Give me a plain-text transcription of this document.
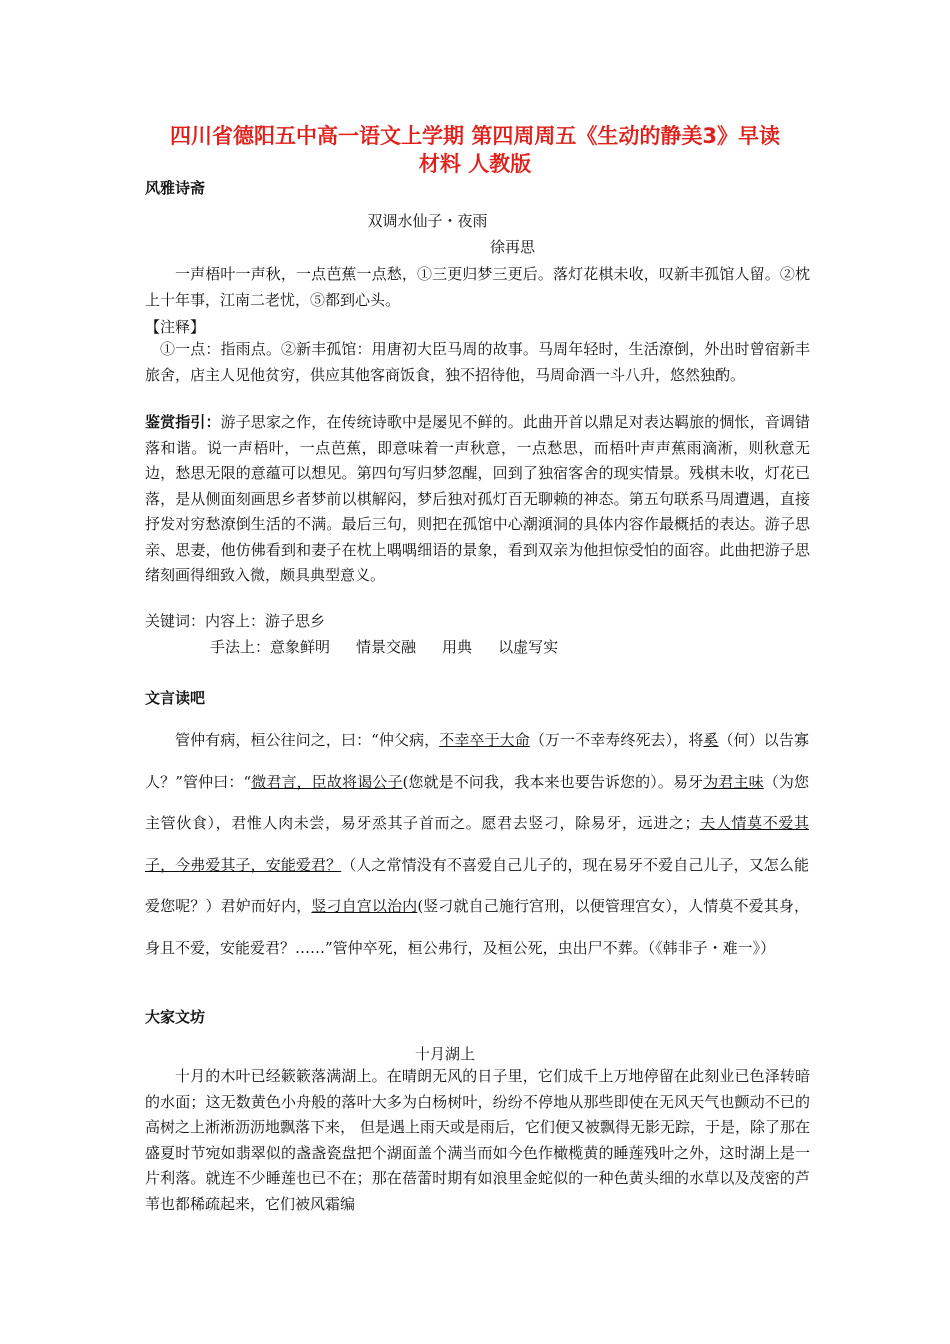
四川省德阳五中高一语文上学期 第四周周五《生动的静美3》早读
材料 人教版
风雅诗斋
双调水仙子・夜雨
徐再思
一声梧叶一声秋，一点芭蕉一点愁，①三更归梦三更后。落灯花棋未收，叹新丰孤馆人留。②枕上十年事，江南二老忧，⑤都到心头。
【注释】
①一点：指雨点。②新丰孤馆：用唐初大臣马周的故事。马周年轻时，生活潦倒，外出时曾宿新丰旅舍，店主人见他贫穷，供应其他客商饭食，独不招待他，马周命酒一斗八升，悠然独酌。
鉴赏指引：游子思家之作，在传统诗歌中是屡见不鲜的。此曲开首以鼎足对表达羁旅的惆怅，音调错落和谐。说一声梧叶，一点芭蕉，即意味着一声秋意，一点愁思，而梧叶声声蕉雨滴淅，则秋意无边，愁思无限的意蕴可以想见。第四句写归梦忽醒，回到了独宿客舍的现实情景。残棋未收，灯花已落，是从侧面刻画思乡者梦前以棋解闷，梦后独对孤灯百无聊赖的神态。第五句联系马周遭遇，直接抒发对穷愁潦倒生活的不满。最后三句，则把在孤馆中心潮澒洞的具体内容作最概括的表达。游子思亲、思妻，他仿佛看到和妻子在枕上喁喁细语的景象，看到双亲为他担惊受怕的面容。此曲把游子思绪刻画得细致入微，颇具典型意义。
关键词：内容上：游子思乡
手法上：意象鲜明 情景交融 用典 以虚写实
文言读吧
管仲有病，桓公往问之，曰：“仲父病，不幸卒于大命（万一不幸寿终死去），将奚（何）以告寡人？”管仲曰：“微君言，臣故将谒公子(您就是不问我，我本来也要告诉您的）。易牙为君主味（为您主管伙食），君惟人肉未尝，易牙烝其子首而之。愿君去竖刁，除易牙，远进之；夫人情莫不爱其子，今弗爱其子，安能爱君？（人之常情没有不喜爱自己儿子的，现在易牙不爱自己儿子，又怎么能爱您呢？）君妒而好内，竖刁自宫以治内(竖刁就自己施行宫刑，以便管理宫女），人情莫不爱其身，身且不爱，安能爱君？……”管仲卒死，桓公弗行，及桓公死，虫出尸不葬。（《韩非子・难一》）
大家文坊
十月湖上
十月的木叶已经簌簌落满湖上。在晴朗无风的日子里，它们成千上万地停留在此刻业已色泽转暗的水面；这无数黄色小舟般的落叶大多为白杨树叶，纷纷不停地从那些即使在无风天气也颤动不已的高树之上淅淅沥沥地飘落下来， 但是遇上雨天或是雨后，它们便又被飘得无影无踪，于是，除了那在盛夏时节宛如翡翠似的盏盏瓷盘把个湖面盖个满当而如今色作橄榄黄的睡莲残叶之外，这时湖上是一片利落。就连不少睡莲也已不在；那在蓓蕾时期有如浪里金蛇似的一种色黄头细的水草以及茂密的芦苇也都稀疏起来，它们被风霜编
